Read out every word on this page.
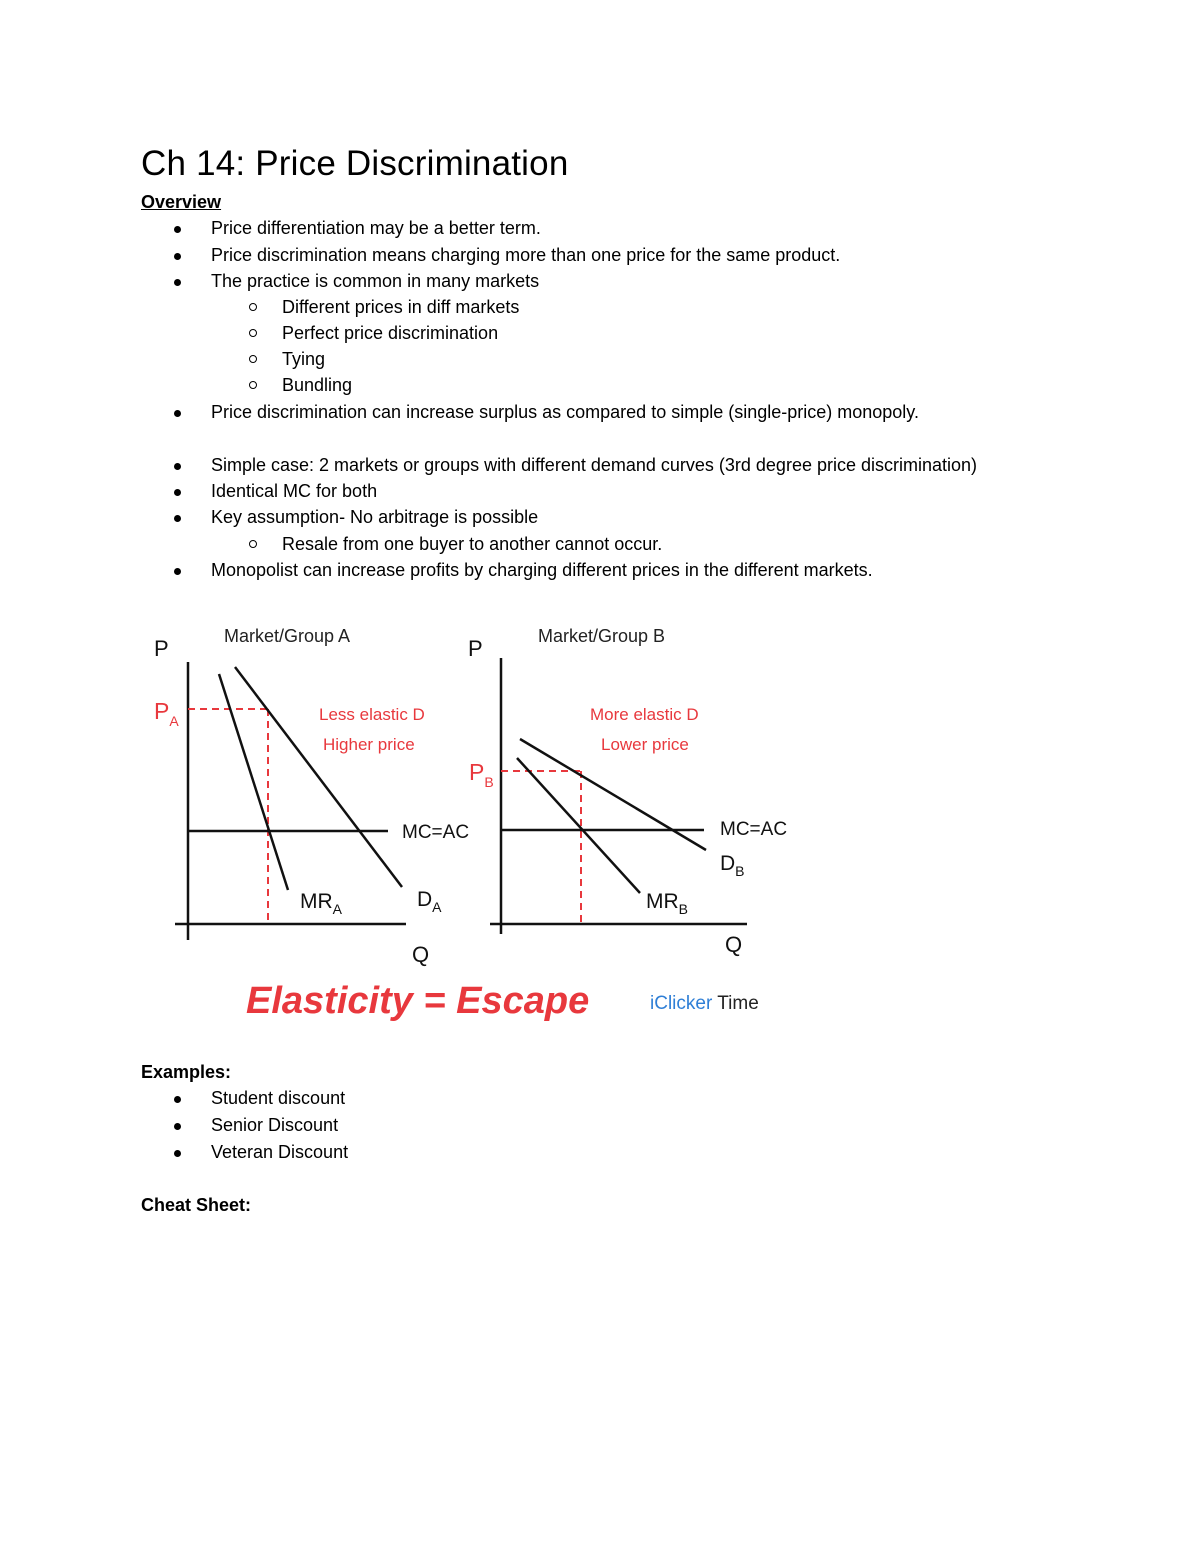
Ch 14: Price Discrimination

Overview

Price differentiation may be a better term.

Price discrimination means charging more than one price for the same product.

The practice is common in many markets

Different prices in diff markets

Perfect price discrimination

Tying

Bundling

Price discrimination can increase surplus as compared to simple (single-price) monopoly.

Simple case: 2 markets or groups with different demand curves (3rd degree price discrimination)

Identical MC for both

Key assumption- No arbitrage is possible

Resale from one buyer to another cannot occur.

Monopolist can increase profits by charging different prices in the different markets.

Market/Group A
P
Q
$P_A$
MC=AC
$MR_A$	$D_A$
Less elastic D
Higher price
Market/Group B
P
Q
$P_B$
MC=AC
$D_B$
$MR_B$
More elastic D
Lower price
Elasticity = Escape	iClicker Time

Examples:

Student discount

Senior Discount

Veteran Discount

Cheat Sheet:
